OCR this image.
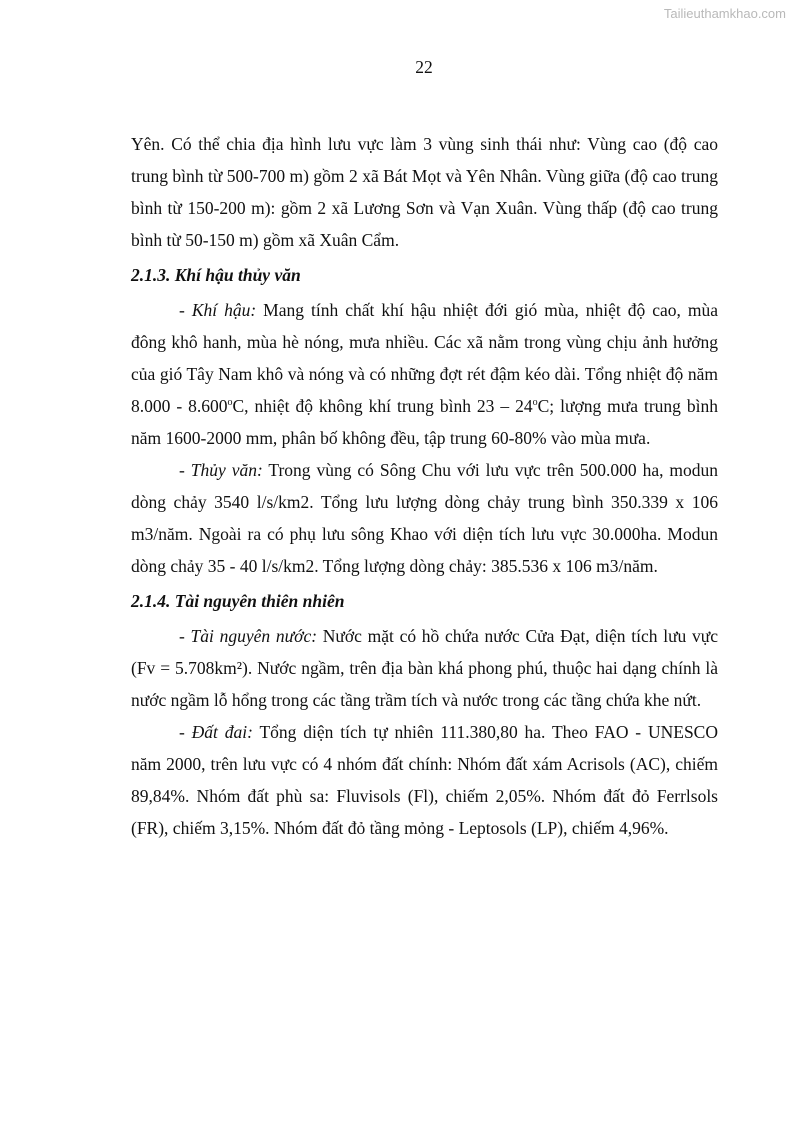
Tailieuthamkhao.com
22

Yên. Có thể chia địa hình lưu vực làm 3 vùng sinh thái như: Vùng cao (độ cao trung bình từ 500-700 m) gồm 2 xã Bát Mọt và Yên Nhân. Vùng giữa (độ cao trung bình từ 150-200 m): gồm 2 xã Lương Sơn và Vạn Xuân. Vùng thấp (độ cao trung bình từ 50-150 m) gồm xã Xuân Cẩm.

2.1.3. Khí hậu thủy văn

- Khí hậu: Mang tính chất khí hậu nhiệt đới gió mùa, nhiệt độ cao, mùa đông khô hanh, mùa hè nóng, mưa nhiều. Các xã nằm trong vùng chịu ảnh hưởng của gió Tây Nam khô và nóng và có những đợt rét đậm kéo dài. Tổng nhiệt độ năm 8.000 - 8.600$^o$C, nhiệt độ không khí trung bình 23 – 24$^o$C; lượng mưa trung bình năm 1600-2000 mm, phân bố không đều, tập trung 60-80% vào mùa mưa.

- Thủy văn: Trong vùng có Sông Chu với lưu vực trên 500.000 ha, modun dòng chảy 3540 l/s/km2. Tổng lưu lượng dòng chảy trung bình 350.339 x 106 m3/năm. Ngoài ra có phụ lưu sông Khao với diện tích lưu vực 30.000ha. Modun dòng chảy 35 - 40 l/s/km2. Tổng lượng dòng chảy: 385.536 x 106 m3/năm.

2.1.4. Tài nguyên thiên nhiên

- Tài nguyên nước: Nước mặt có hồ chứa nước Cửa Đạt, diện tích lưu vực (Fv = 5.708km²). Nước ngầm, trên địa bàn khá phong phú, thuộc hai dạng chính là nước ngầm lỗ hổng trong các tầng trầm tích và nước trong các tầng chứa khe nứt.

- Đất đai: Tổng diện tích tự nhiên 111.380,80 ha. Theo FAO - UNESCO năm 2000, trên lưu vực có 4 nhóm đất chính: Nhóm đất xám Acrisols (AC), chiếm 89,84%. Nhóm đất phù sa: Fluvisols (Fl), chiếm 2,05%. Nhóm đất đỏ Ferrlsols (FR), chiếm 3,15%. Nhóm đất đỏ tầng mỏng - Leptosols (LP), chiếm 4,96%.
